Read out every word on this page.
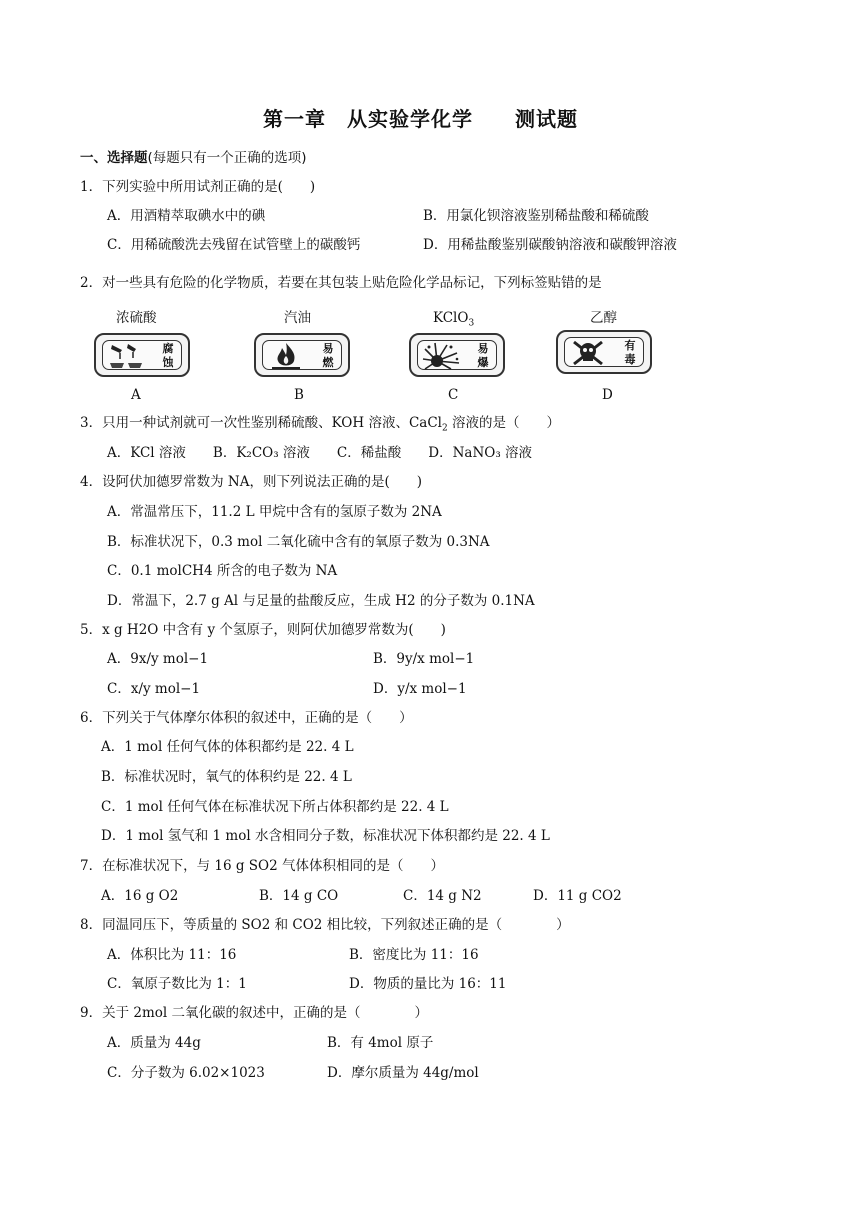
第一章　从实验学化学　　测试题
一、选择题(每题只有一个正确的选项)
1．下列实验中所用试剂正确的是(　　)
A．用酒精萃取碘水中的碘	B．用氯化钡溶液鉴别稀盐酸和稀硫酸
C．用稀硫酸洗去残留在试管壁上的碳酸钙	D．用稀盐酸鉴别碳酸钠溶液和碳酸钾溶液
2．对一些具有危险的化学物质，若要在其包装上贴危险化学品标记，下列标签贴错的是
浓硫酸	汽油	KClO$_3$	乙醇
腐蚀
易燃
易爆
有毒
A	B	C	D
3．只用一种试剂就可一次性鉴别稀硫酸、KOH 溶液、CaCl$_2$ 溶液的是（　　）
A．KCl 溶液　　B．K₂CO₃ 溶液　　C．稀盐酸　　D．NaNO₃ 溶液
4．设阿伏加德罗常数为 NA，则下列说法正确的是(　　)
A．常温常压下，11.2 L 甲烷中含有的氢原子数为 2NA
B．标准状况下，0.3 mol 二氧化硫中含有的氧原子数为 0.3NA
C．0.1 molCH4 所含的电子数为 NA
D．常温下，2.7 g Al 与足量的盐酸反应，生成 H2 的分子数为 0.1NA
5．x g H2O 中含有 y 个氢原子，则阿伏加德罗常数为(　　)
A．9x/y mol−1	B．9y/x mol−1
C．x/y mol−1	D．y/x mol−1
6．下列关于气体摩尔体积的叙述中，正确的是（　　）
A．1 mol 任何气体的体积都约是 22. 4 L
B．标准状况时，氧气的体积约是 22. 4 L
C．1 mol 任何气体在标准状况下所占体积都约是 22. 4 L
D．1 mol 氢气和 1 mol 水含相同分子数，标准状况下体积都约是 22. 4 L
7．在标准状况下，与 16 g SO2 气体体积相同的是（　　）
A．16 g O2	B．14 g CO	C．14 g N2	D．11 g CO2
8．同温同压下，等质量的 SO2 和 CO2 相比较，下列叙述正确的是（　　　　）
A．体积比为 11：16	B．密度比为 11：16
C．氧原子数比为 1：1	D．物质的量比为 16：11
9．关于 2mol 二氧化碳的叙述中，正确的是（　　　　）
A．质量为 44g	B．有 4mol 原子
C．分子数为 6.02×1023	D．摩尔质量为 44g/mol
